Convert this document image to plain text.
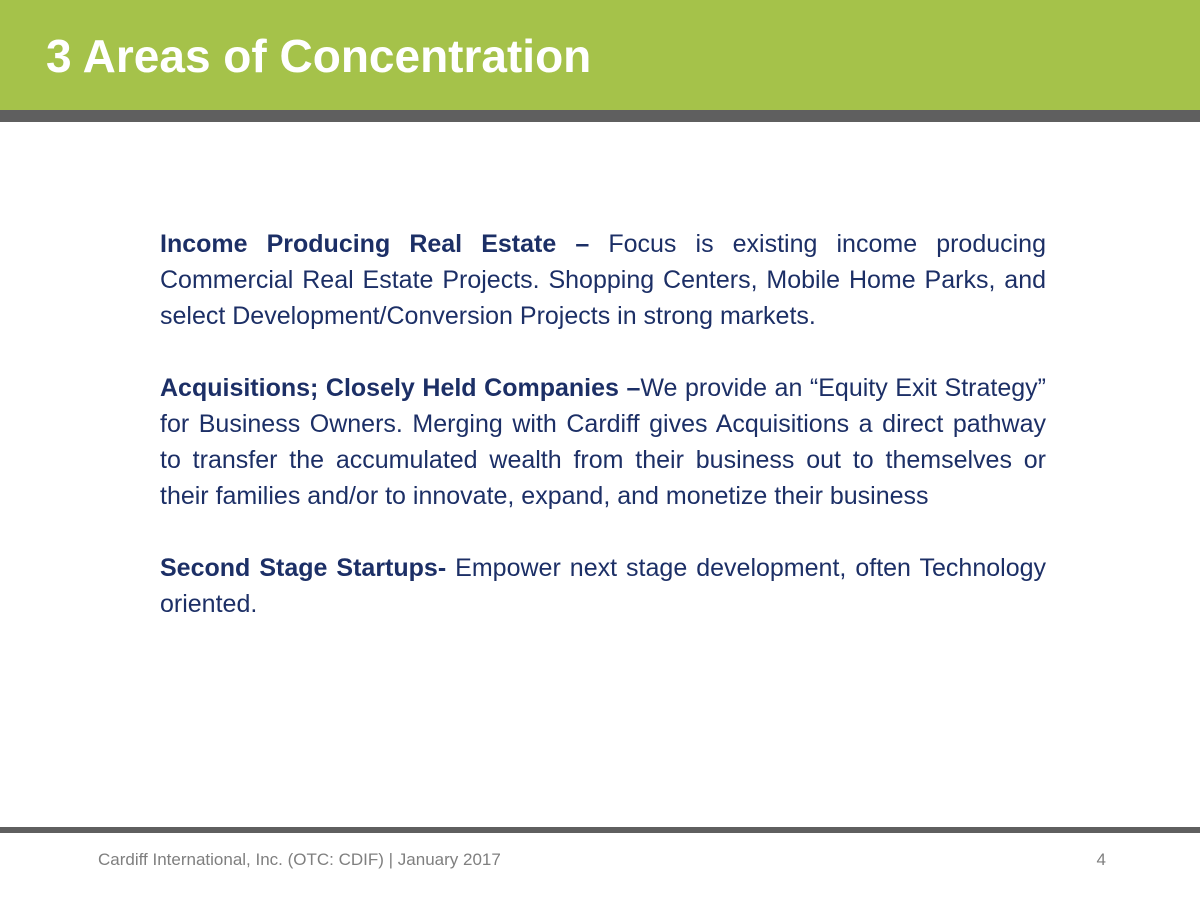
3 Areas of Concentration

Income Producing Real Estate – Focus is existing income producing Commercial Real Estate Projects. Shopping Centers, Mobile Home Parks, and select Development/Conversion Projects in strong markets.

Acquisitions; Closely Held Companies –We provide an “Equity Exit Strategy” for Business Owners. Merging with Cardiff gives Acquisitions a direct pathway to transfer the accumulated wealth from their business out to themselves or their families and/or to innovate, expand, and monetize their business

Second Stage Startups- Empower next stage development, often Technology oriented.

Cardiff International, Inc. (OTC: CDIF) | January 2017	4
